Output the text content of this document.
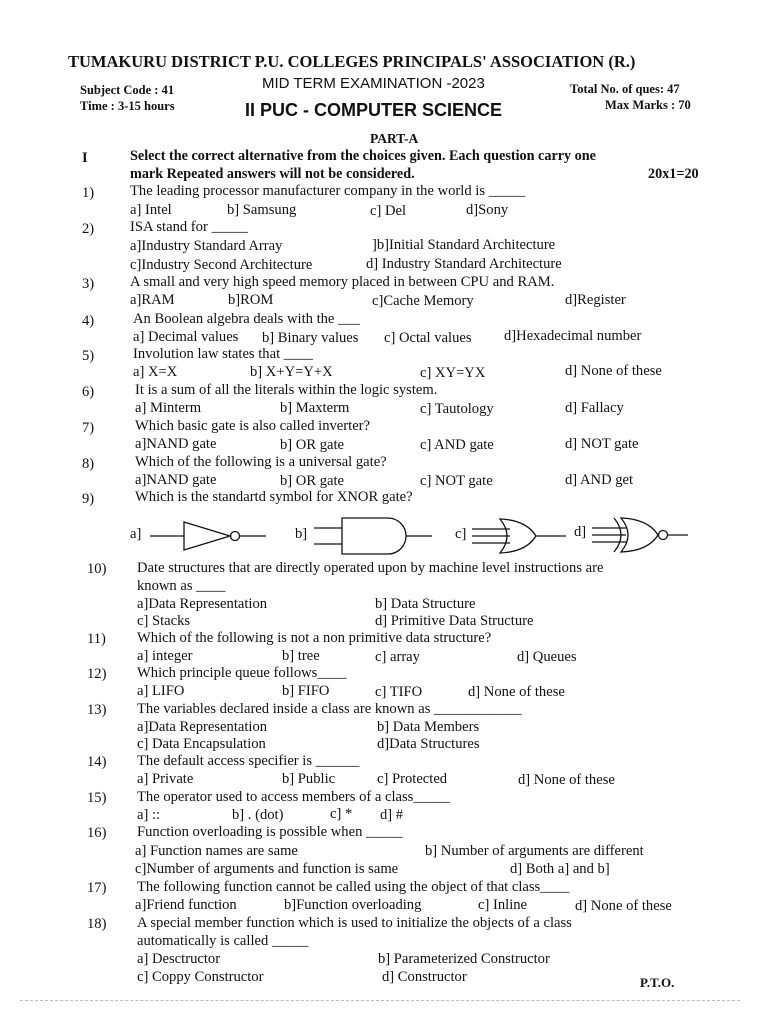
TUMAKURU DISTRICT P.U. COLLEGES PRINCIPALS' ASSOCIATION (R.)
MID TERM EXAMINATION -2023
Subject Code : 41
Time : 3-15 hours
Total No. of ques: 47
Max Marks : 70
II PUC - COMPUTER SCIENCE
PART-A
I	Select the correct alternative from the choices given. Each question carry one
mark Repeated answers will not be considered.	20x1=20
1) The leading processor manufacturer company in the world is _____
a] Intel	b] Samsung	c] Del	d]Sony
2) ISA stand for _____
a]Industry Standard Array	]b]Initial Standard Architecture
c]Industry Second Architecture	d] Industry Standard Architecture
3) A small and very high speed memory placed in between CPU and RAM.
a]RAM	b]ROM	c]Cache Memory	d]Register
4)	An Boolean algebra deals with the ___
a] Decimal values b] Binary values c] Octal values d]Hexadecimal number
5)	Involution law states that ____
a] X=X	b] X+Y=Y+X	c] XY=YX	d] None of these
6)	It is a sum of all the literals within the logic system.
a] Minterm	b] Maxterm	c] Tautology	d] Fallacy
7)	Which basic gate is also called inverter?
a]NAND gate	b] OR gate	c] AND gate	d] NOT gate
8)	Which of the following is a universal gate?
a]NAND gate	b] OR gate	c] NOT gate	d] AND get
9)	Which is the standartd symbol for XNOR gate?
a]	b]	c]	d]
10) Date structures that are directly operated upon by machine level instructions are
known as ____
a]Data Representation	b] Data Structure
c] Stacks	d] Primitive Data Structure
11) Which of the following is not a non primitive data structure?
a] integer	b] tree	c] array	d] Queues
12) Which principle queue follows____
a] LIFO	b] FIFO	c] TIFO	d] None of these
13) The variables declared inside a class are known as ____________
a]Data Representation	b] Data Members
c] Data Encapsulation	d]Data Structures
14) The default access specifier is ______
a] Private	b] Public	c] Protected	d] None of these
15) The operator used to access members of a class_____
a] ::	b] . (dot)	c] * d] #
16) Function overloading is possible when _____
a] Function names are same	b] Number of arguments are different
c]Number of arguments and function is same	d] Both a] and b]
17) The following function cannot be called using the object of that class____
a]Friend function	b]Function overloading	c] Inline	d] None of these
18) A special member function which is used to initialize the objects of a class
automatically is called _____
a] Desctructor	b] Parameterized Constructor
c] Coppy Constructor	d] Constructor	P.T.O.
